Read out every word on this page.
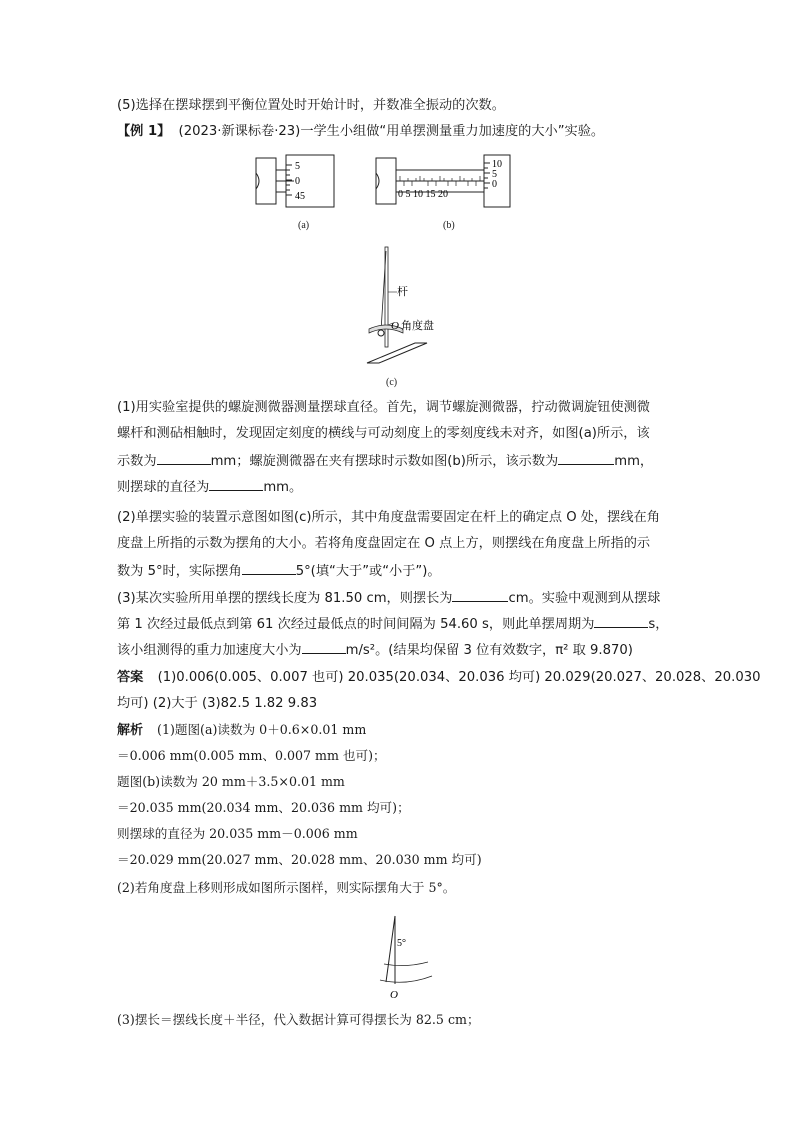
(5)选择在摆球摆到平衡位置处时开始计时，并数准全振动的次数。
【例 1】 (2023·新课标卷·23)一学生小组做“用单摆测量重力加速度的大小”实验。
5
0
45
(a)
0 5 10 15 20
10
5
0
(b)
杆
O 角度盘
(c)
(1)用实验室提供的螺旋测微器测量摆球直径。首先，调节螺旋测微器，拧动微调旋钮使测微
螺杆和测砧相触时，发现固定刻度的横线与可动刻度上的零刻度线未对齐，如图(a)所示，该
示数为	mm；螺旋测微器在夹有摆球时示数如图(b)所示，该示数为	mm，
则摆球的直径为	mm。
(2)单摆实验的装置示意图如图(c)所示，其中角度盘需要固定在杆上的确定点 O 处，摆线在角
度盘上所指的示数为摆角的大小。若将角度盘固定在 O 点上方，则摆线在角度盘上所指的示
数为 5°时，实际摆角	5°(填“大于”或“小于”)。
(3)某次实验所用单摆的摆线长度为 81.50 cm，则摆长为	cm。实验中观测到从摆球
第 1 次经过最低点到第 61 次经过最低点的时间间隔为 54.60 s，则此单摆周期为	s，
该小组测得的重力加速度大小为	m/s²。(结果均保留 3 位有效数字，π² 取 9.870)
答案 (1)0.006(0.005、0.007 也可) 20.035(20.034、20.036 均可) 20.029(20.027、20.028、20.030
均可) (2)大于 (3)82.5 1.82 9.83
解析 (1)题图(a)读数为 0＋0.6×0.01 mm
＝0.006 mm(0.005 mm、0.007 mm 也可)；
题图(b)读数为 20 mm＋3.5×0.01 mm
＝20.035 mm(20.034 mm、20.036 mm 均可)；
则摆球的直径为 20.035 mm－0.006 mm
＝20.029 mm(20.027 mm、20.028 mm、20.030 mm 均可)
(2)若角度盘上移则形成如图所示图样，则实际摆角大于 5°。
5°
O
(3)摆长＝摆线长度＋半径，代入数据计算可得摆长为 82.5 cm；
